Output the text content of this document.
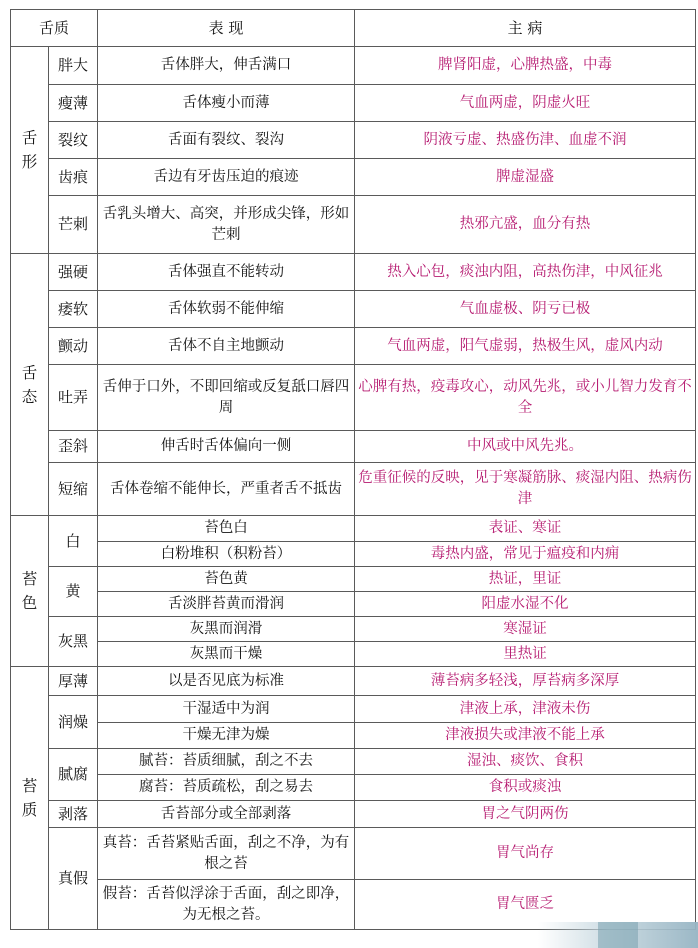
舌质		表 现	主 病

舌
形	胖大	舌体胖大，伸舌满口	脾肾阳虚，心脾热盛，中毒
	瘦薄	舌体瘦小而薄	气血两虚，阴虚火旺
	裂纹	舌面有裂纹、裂沟	阴液亏虚、热盛伤津、血虚不润
	齿痕	舌边有牙齿压迫的痕迹	脾虚湿盛
	芒刺	舌乳头增大、高突，并形成尖锋，形如芒刺	热邪亢盛，血分有热

舌
态	强硬	舌体强直不能转动	热入心包，痰浊内阻，高热伤津，中风征兆
	痿软	舌体软弱不能伸缩	气血虚极、阴亏已极
	颤动	舌体不自主地颤动	气血两虚，阳气虚弱，热极生风，虚风内动
	吐弄	舌伸于口外，不即回缩或反复舐口唇四周	心脾有热，疫毒攻心，动风先兆，或小儿智力发育不全
	歪斜	伸舌时舌体偏向一侧	中风或中风先兆。
	短缩	舌体卷缩不能伸长，严重者舌不抵齿	危重征候的反映，见于寒凝筋脉、痰湿内阻、热病伤津

苔
色	白	苔色白	表证、寒证
		白粉堆积（积粉苔）	毒热内盛，常见于瘟疫和内痈
	黄	苔色黄	热证，里证
		舌淡胖苔黄而滑润	阳虚水湿不化
	灰黑	灰黑而润滑	寒湿证
		灰黑而干燥	里热证

苔
质	厚薄	以是否见底为标准	薄苔病多轻浅，厚苔病多深厚
	润燥	干湿适中为润	津液上承，津液未伤
		干燥无津为燥	津液损失或津液不能上承
	腻腐	腻苔：苔质细腻，刮之不去	湿浊、痰饮、食积
		腐苔：苔质疏松，刮之易去	食积或痰浊
	剥落	舌苔部分或全部剥落	胃之气阴两伤
	真假	真苔：舌苔紧贴舌面，刮之不净，为有根之苔	胃气尚存
		假苔：舌苔似浮涂于舌面，刮之即净，为无根之苔。	胃气匮乏
